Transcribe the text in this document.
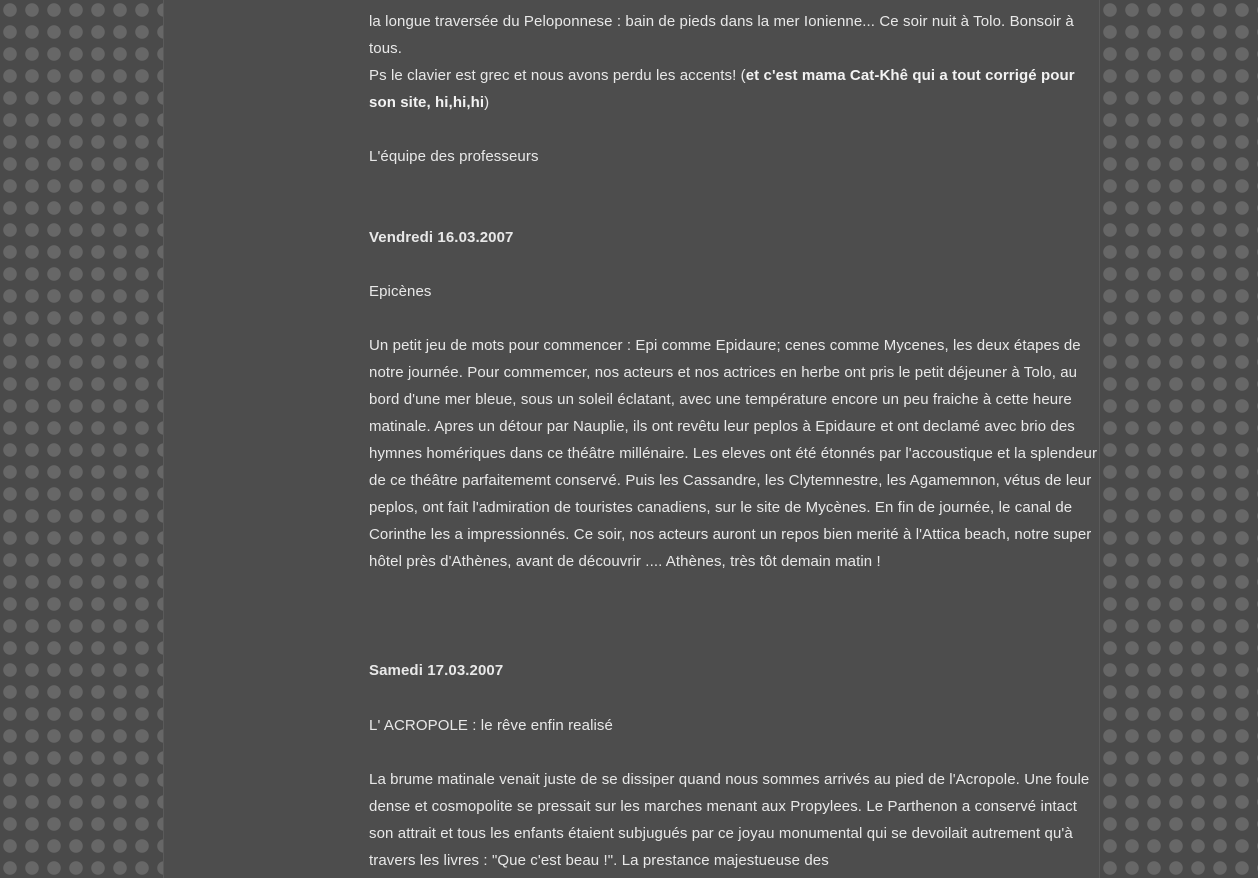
la longue traversée du Peloponnese : bain de pieds dans la mer Ionienne... Ce soir nuit à Tolo. Bonsoir à tous.

Ps le clavier est grec et nous avons perdu les accents! (et c'est mama Cat-Khê qui a tout corrigé pour son site, hi,hi,hi)

L'équipe des professeurs

Vendredi 16.03.2007

Epicènes

Un petit jeu de mots pour commencer : Epi comme Epidaure; cenes comme Mycenes, les deux étapes de notre journée. Pour commemcer, nos acteurs et nos actrices en herbe ont pris le petit déjeuner à Tolo, au bord d'une mer bleue, sous un soleil éclatant, avec une température encore un peu fraiche à cette heure matinale. Apres un détour par Nauplie, ils ont revêtu leur peplos à Epidaure et ont declamé avec brio des hymnes homériques dans ce théâtre millénaire. Les eleves ont été étonnés par l'accoustique et la splendeur de ce théâtre parfaitememt conservé. Puis les Cassandre, les Clytemnestre, les Agamemnon, vétus de leur peplos, ont fait l'admiration de touristes canadiens, sur le site de Mycènes. En fin de journée, le canal de Corinthe les a impressionnés. Ce soir, nos acteurs auront un repos bien merité à l'Attica beach, notre super hôtel près d'Athènes, avant de découvrir .... Athènes, très tôt demain matin !

Samedi 17.03.2007

L' ACROPOLE : le rêve enfin realisé

La brume matinale venait juste de se dissiper quand nous sommes arrivés au pied de l'Acropole. Une foule dense et cosmopolite se pressait sur les marches menant aux Propylees. Le Parthenon a conservé intact son attrait et tous les enfants étaient subjugués par ce joyau monumental qui se devoilait autrement qu'à travers les livres : "Que c'est beau !". La prestance majestueuse des
